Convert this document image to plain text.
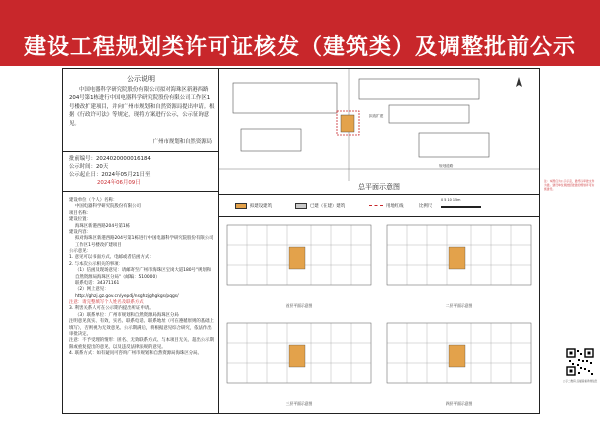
建设工程规划类许可证核发（建筑类）及调整批前公示
公示说明
中国电器科学研究院股份有限公司拟对海珠区新港西路204号第1栋进行中国电器科学研究院股份有限公司工作区1号楼改扩建项目，并向广州市规划和自然资源局提出申请。根据《行政许可法》等规定，现将方案进行公示，公示征询意见。
广州市规划和自然资源局
批前编号：2024020000016184
公示时间：20天
公示起止日：2024年05月21日至
2024年06月09日

建设单位（个人）名称：

中国电器科学研究院股份有限公司

项目名称：

建设位置：

海珠区新港西路204号第1栋

建设内容：

拟对海珠区新港西路204号第1栋进行中国电器科学研究院股份有限公司工作区1号楼改扩建项目

公示意见：

1. 意见可以书面方式、电邮或者信函方式：

2. 与本次公示相关的事项：

（1）信函及现场意见：请邮寄至广州市海珠区宝岗大道180号"规划和自然资源局海珠区分局"（邮编：510000）

联系电话：34371161

（2）网上意见：

http://ghzj.gz.gov.cn/yepdj/nsghzjghgkgs/pqgs/

注意：请完整填写个人姓名及联系方式

3. 利害关系人可在公示期内提出听证申请。

（3）联系单位：广州市规划和自然资源局海珠区分局

注明意见真实、有效，实名、联系电话、联系地址（可在遵循原则的基础上填写），否则视为无效意见。公示期满后，将根据意见综合研究，依法作出审批决定。

注意：不予受理的情形：匿名、无效联系方式、与本项目无关、超出公示期限或重复提出的意见，以及违反法律法规的意见。

4. 联系方式：如有疑问可咨询广州市规划和自然资源局海珠区分局。

拟改扩建
规划道路
总平面示意图
拟建设建筑	已建（在建）建筑	用地红线	比例尺
0 5 10 15m
首层平面示意图	二层平面示意图
三层平面示意图	四层平面示意图
注：本图仅为公示示意，最终以审批文件为准。建设单位须按经批准的规划许可实施建设。
公示二维码 扫描查看详细信息
